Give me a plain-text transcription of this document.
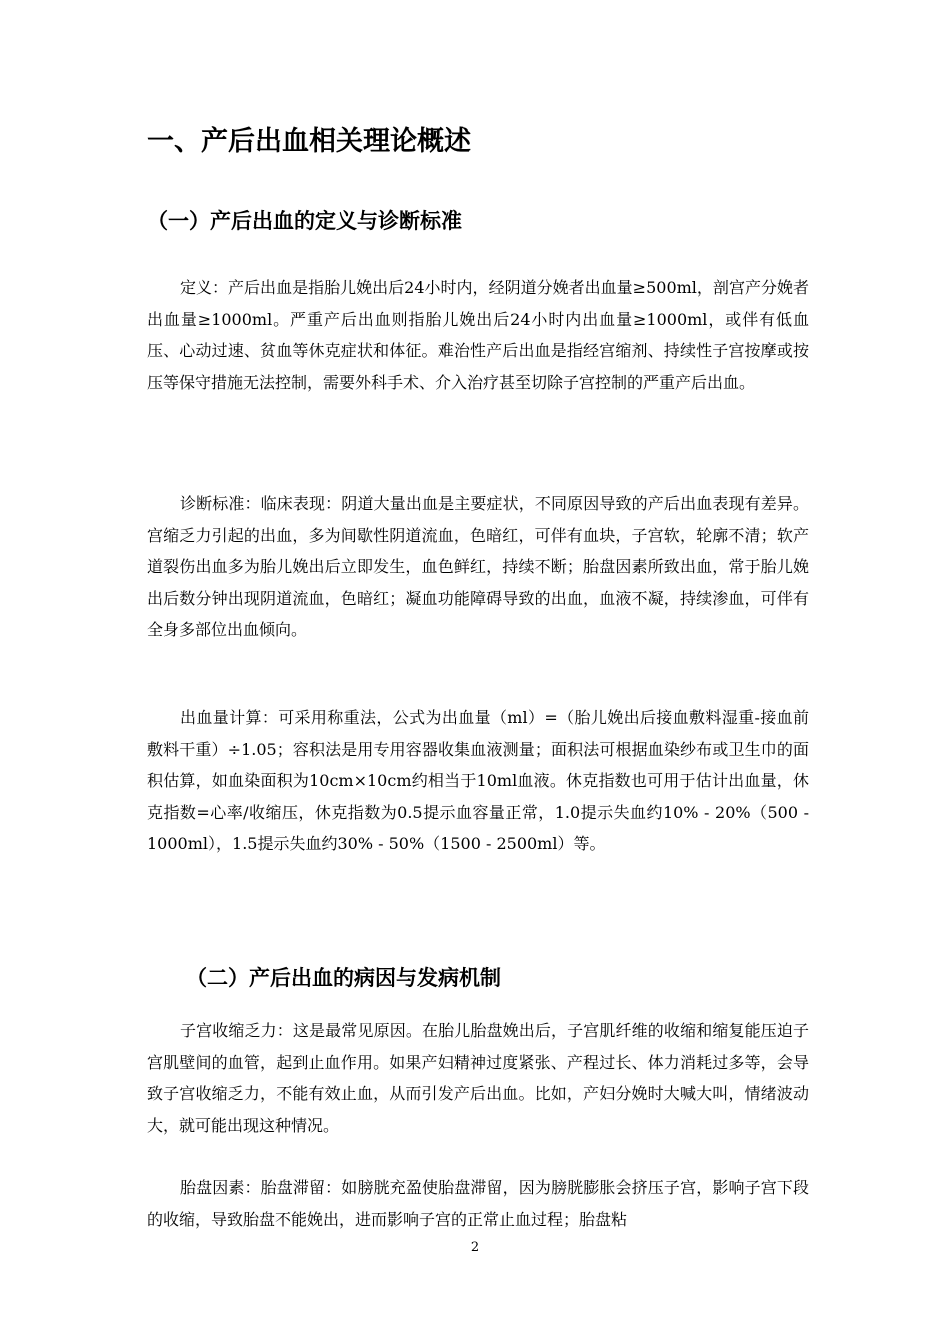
一、产后出血相关理论概述
（一）产后出血的定义与诊断标准

定义：产后出血是指胎儿娩出后24小时内，经阴道分娩者出血量≥500ml，剖宫产分娩者出血量≥1000ml。严重产后出血则指胎儿娩出后24小时内出血量≥1000ml，或伴有低血压、心动过速、贫血等休克症状和体征。难治性产后出血是指经宫缩剂、持续性子宫按摩或按压等保守措施无法控制，需要外科手术、介入治疗甚至切除子宫控制的严重产后出血。

诊断标准：临床表现：阴道大量出血是主要症状，不同原因导致的产后出血表现有差异。宫缩乏力引起的出血，多为间歇性阴道流血，色暗红，可伴有血块，子宫软，轮廓不清；软产道裂伤出血多为胎儿娩出后立即发生，血色鲜红，持续不断；胎盘因素所致出血，常于胎儿娩出后数分钟出现阴道流血，色暗红；凝血功能障碍导致的出血，血液不凝，持续渗血，可伴有全身多部位出血倾向。

出血量计算：可采用称重法，公式为出血量（ml）=（胎儿娩出后接血敷料湿重-接血前敷料干重）÷1.05；容积法是用专用容器收集血液测量；面积法可根据血染纱布或卫生巾的面积估算，如血染面积为10cm×10cm约相当于10ml血液。休克指数也可用于估计出血量，休克指数=心率/收缩压，休克指数为0.5提示血容量正常，1.0提示失血约10% - 20%（500 - 1000ml），1.5提示失血约30% - 50%（1500 - 2500ml）等。

（二）产后出血的病因与发病机制

子宫收缩乏力：这是最常见原因。在胎儿胎盘娩出后，子宫肌纤维的收缩和缩复能压迫子宫肌壁间的血管，起到止血作用。如果产妇精神过度紧张、产程过长、体力消耗过多等，会导致子宫收缩乏力，不能有效止血，从而引发产后出血。比如，产妇分娩时大喊大叫，情绪波动大，就可能出现这种情况。

胎盘因素：胎盘滞留：如膀胱充盈使胎盘滞留，因为膀胱膨胀会挤压子宫，影响子宫下段的收缩，导致胎盘不能娩出，进而影响子宫的正常止血过程；胎盘粘

2
